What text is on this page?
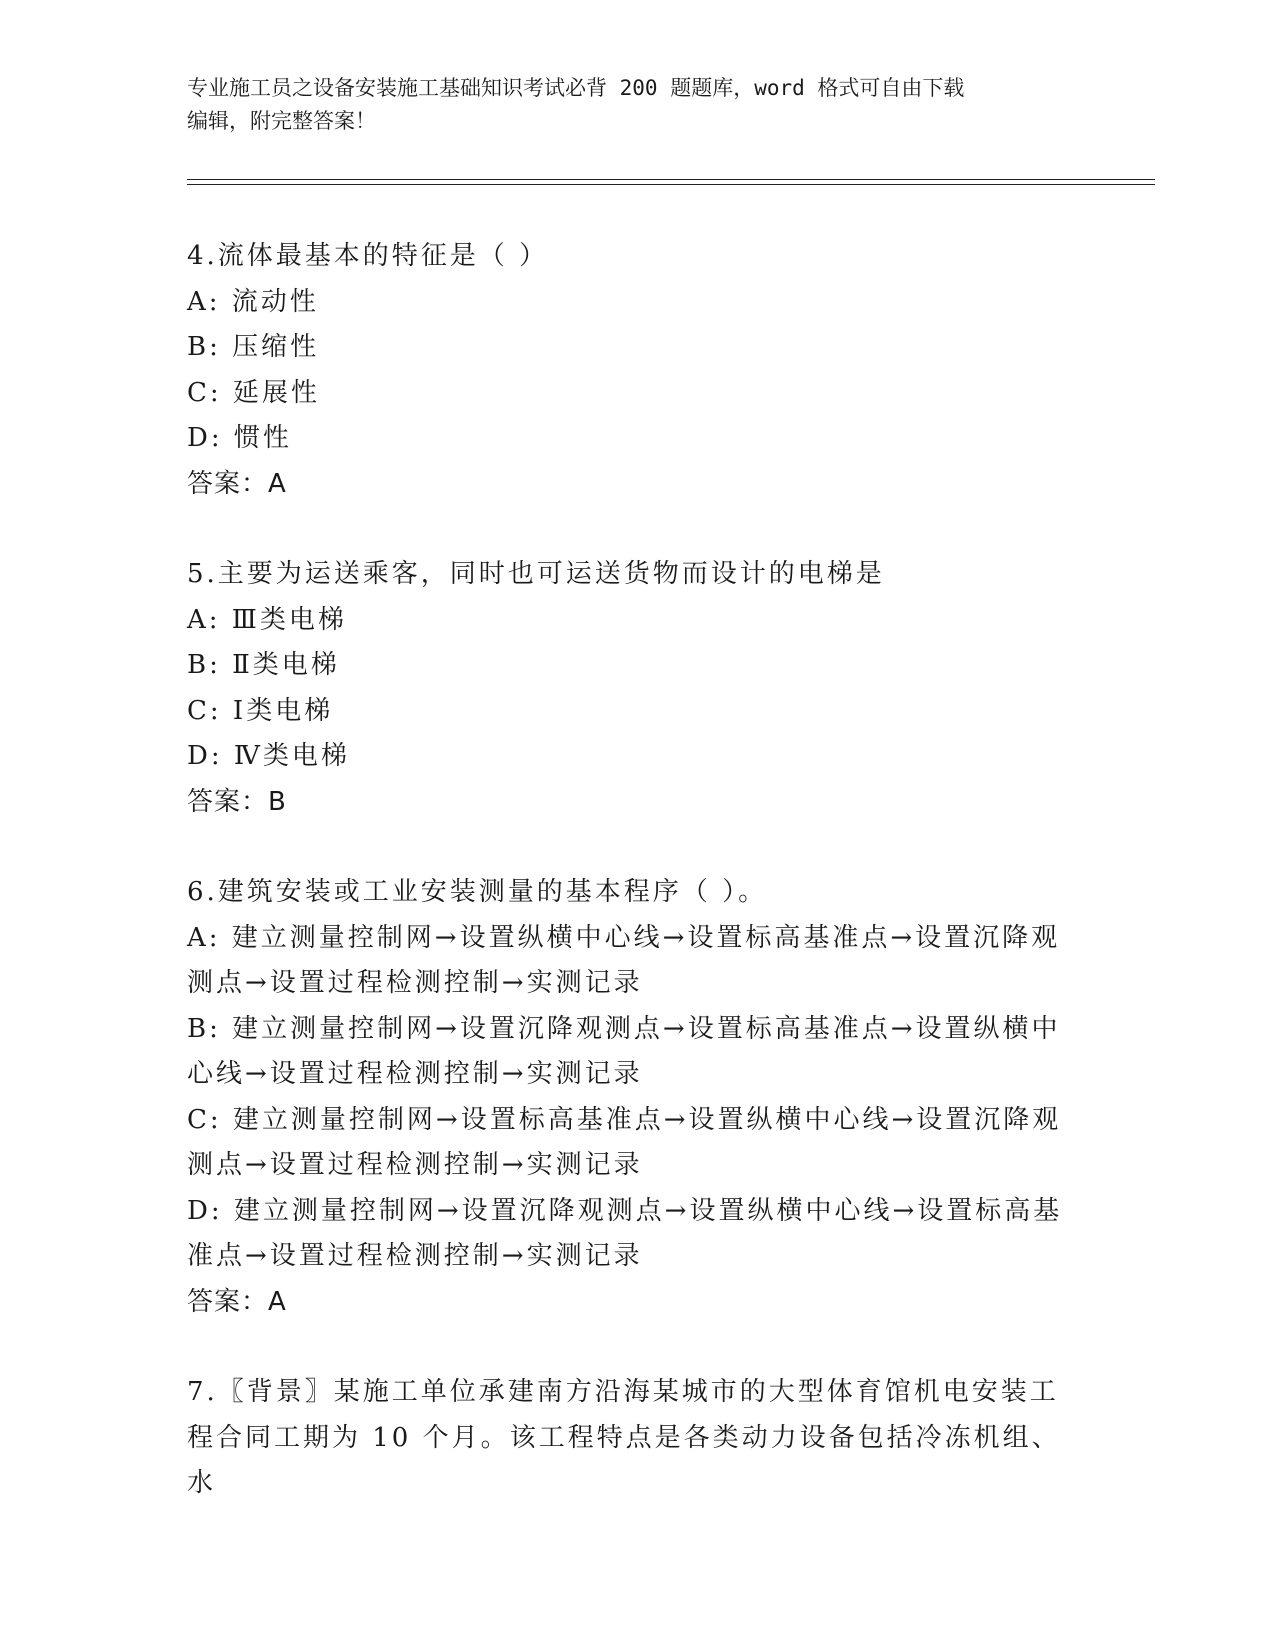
专业施工员之设备安装施工基础知识考试必背 200 题题库，word 格式可自由下载
编辑，附完整答案！
4.流体最基本的特征是（ ）
A: 流动性
B: 压缩性
C: 延展性
D: 惯性
答案：A
5.主要为运送乘客，同时也可运送货物而设计的电梯是
A: Ⅲ类电梯
B: Ⅱ类电梯
C: Ⅰ类电梯
D: Ⅳ类电梯
答案：B
6.建筑安装或工业安装测量的基本程序（ ）。
A: 建立测量控制网→设置纵横中心线→设置标高基准点→设置沉降观
测点→设置过程检测控制→实测记录
B: 建立测量控制网→设置沉降观测点→设置标高基准点→设置纵横中
心线→设置过程检测控制→实测记录
C: 建立测量控制网→设置标高基准点→设置纵横中心线→设置沉降观
测点→设置过程检测控制→实测记录
D: 建立测量控制网→设置沉降观测点→设置纵横中心线→设置标高基
准点→设置过程检测控制→实测记录
答案：A
7.〖背景〗某施工单位承建南方沿海某城市的大型体育馆机电安装工
程合同工期为 10 个月。该工程特点是各类动力设备包括冷冻机组、水
